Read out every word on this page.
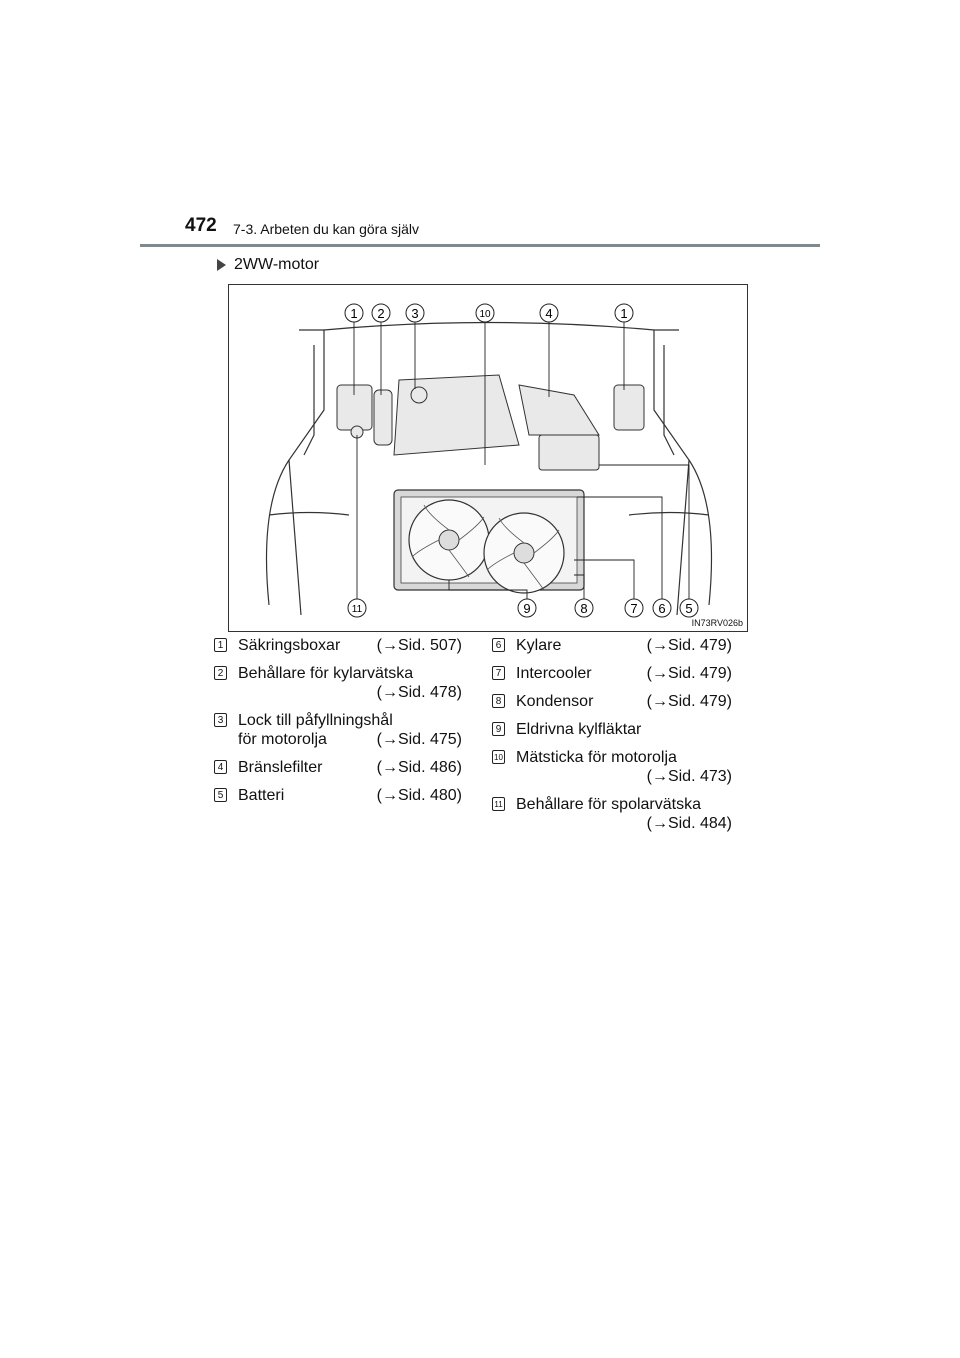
472 7-3. Arbeten du kan göra själv
2WW-motor
1 2 3	10	4	1
11	9	8	7 6 5
IN73RV026b
1 Säkringsboxar (→Sid. 507)
2 Behållare för kylarvätska
(→Sid. 478)
3 Lock till påfyllningshål
för motorolja	(→Sid. 475)
4 Bränslefilter	(→Sid. 486)
5 Batteri	(→Sid. 480)
6 Kylare	(→Sid. 479)
7 Intercooler	(→Sid. 479)
8 Kondensor	(→Sid. 479)
9 Eldrivna kylfläktar
10 Mätsticka för motorolja
(→Sid. 473)
11 Behållare för spolarvätska
(→Sid. 484)
